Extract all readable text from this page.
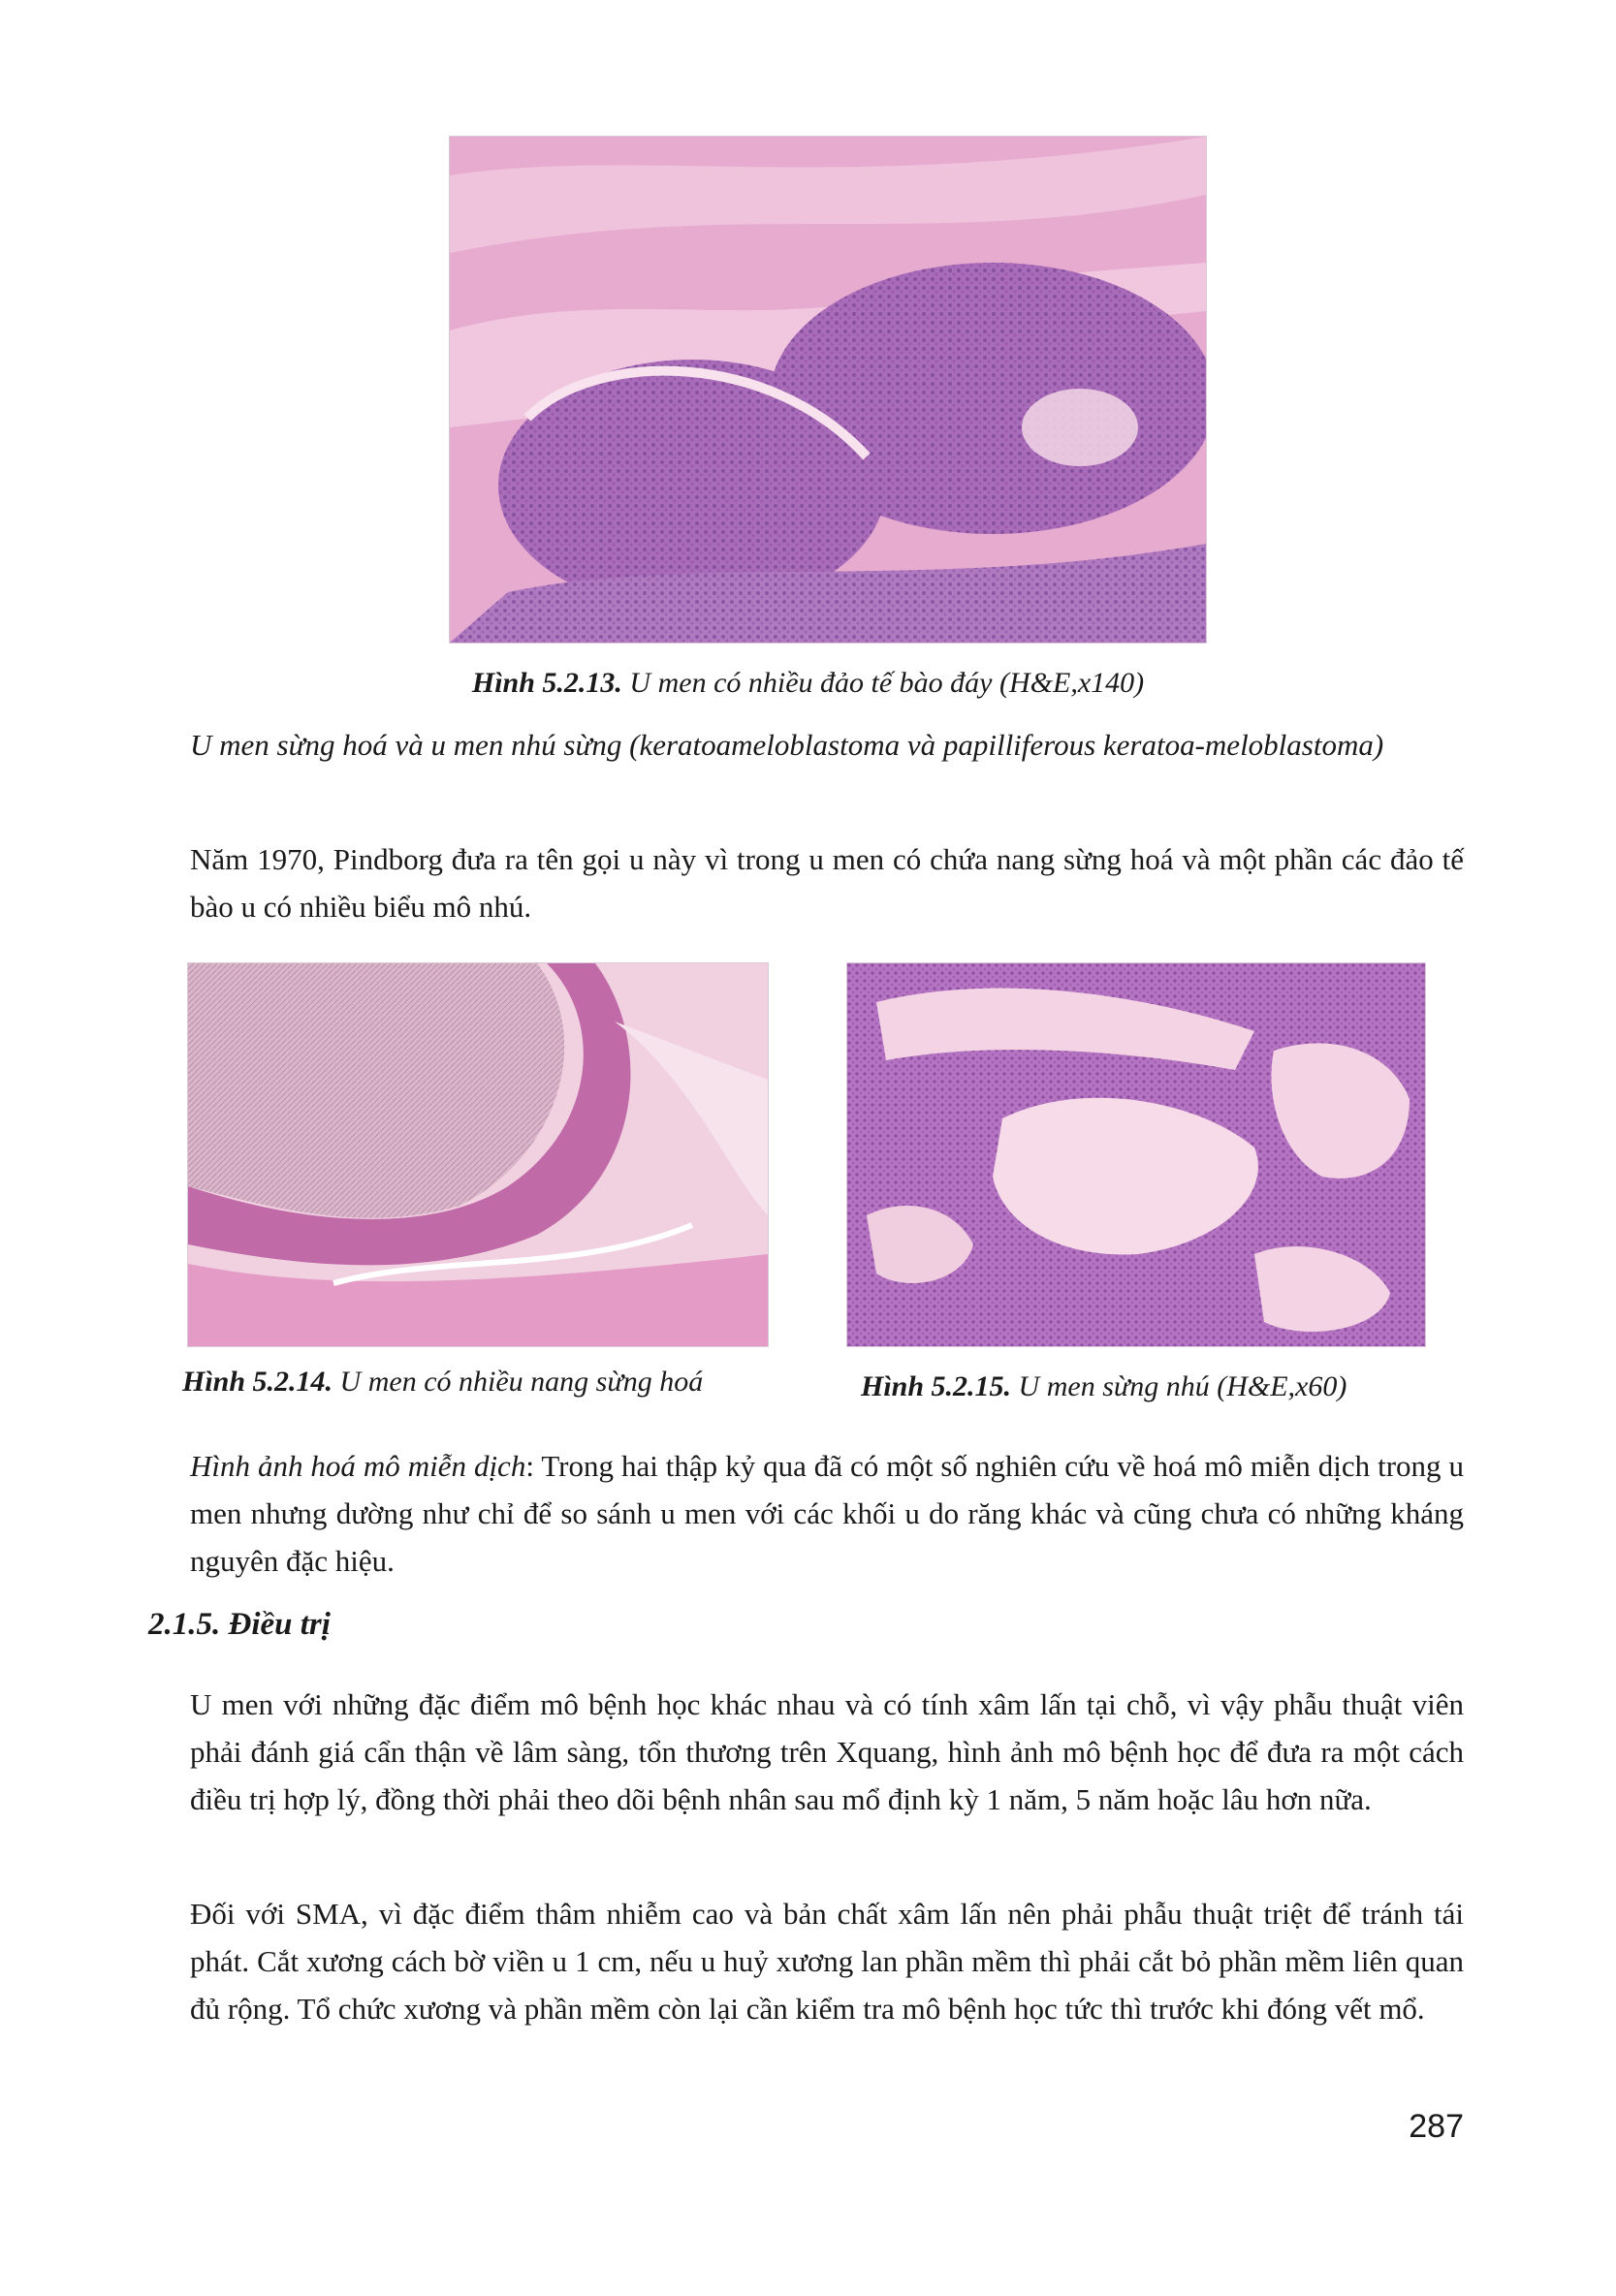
Hình 5.2.13. U men có nhiều đảo tế bào đáy (H&E,x140)

U men sừng hoá và u men nhú sừng (keratoameloblastoma và papilliferous keratoa-meloblastoma)

Năm 1970, Pindborg đưa ra tên gọi u này vì trong u men có chứa nang sừng hoá và một phần các đảo tế bào u có nhiều biểu mô nhú.

Hình 5.2.14. U men có nhiều nang sừng hoá	Hình 5.2.15. U men sừng nhú (H&E,x60)

Hình ảnh hoá mô miễn dịch: Trong hai thập kỷ qua đã có một số nghiên cứu về hoá mô miễn dịch trong u men nhưng dường như chỉ để so sánh u men với các khối u do răng khác và cũng chưa có những kháng nguyên đặc hiệu.

2.1.5. Điều trị

U men với những đặc điểm mô bệnh học khác nhau và có tính xâm lấn tại chỗ, vì vậy phẫu thuật viên phải đánh giá cẩn thận về lâm sàng, tổn thương trên Xquang, hình ảnh mô bệnh học để đưa ra một cách điều trị hợp lý, đồng thời phải theo dõi bệnh nhân sau mổ định kỳ 1 năm, 5 năm hoặc lâu hơn nữa.

Đối với SMA, vì đặc điểm thâm nhiễm cao và bản chất xâm lấn nên phải phẫu thuật triệt để tránh tái phát. Cắt xương cách bờ viền u 1 cm, nếu u huỷ xương lan phần mềm thì phải cắt bỏ phần mềm liên quan đủ rộng. Tổ chức xương và phần mềm còn lại cần kiểm tra mô bệnh học tức thì trước khi đóng vết mổ.

287
